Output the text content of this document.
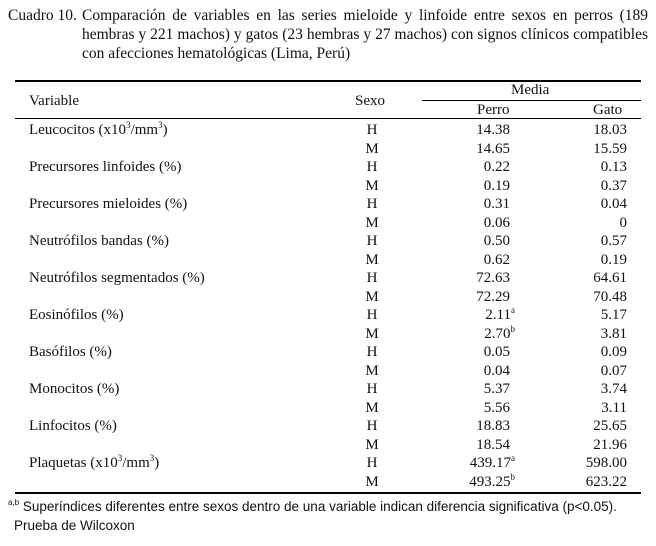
Cuadro 10. Comparación de variables en las series mieloide y linfoide entre sexos en perros (189 hembras y 221 machos) y gatos (23 hembras y 27 machos) con signos clínicos compatibles con afecciones hematológicas (Lima, Perú)
Variable	Sexo
Media
Perro	Gato
Leucocitos $(x10^3/mm^3)$	H	14.38	18.03
M	14.65	15.59
Precursores linfoides (%)	H	0.22	0.13
M	0.19	0.37
Precursores mieloides (%)	H	0.31	0.04
M	0.06	0
Neutrófilos bandas (%)	H	0.50	0.57
M	0.62	0.19
Neutrófilos segmentados (%)	H	72.63	64.61
M	72.29	70.48
Eosinófilos (%)	H	2.11$^a$	5.17
M	2.70$^b$	3.81
Basófilos (%)	H	0.05	0.09
M	0.04	0.07
Monocitos (%)	H	5.37	3.74
M	5.56	3.11
Linfocitos (%)	H	18.83	25.65
M	18.54	21.96
Plaquetas $(x10^3/mm^3)$	H	439.17$^a$	598.00
M	493.25$^b$	623.22
$^{a,b}$ Superíndices diferentes entre sexos dentro de una variable indican diferencia significativa (p<0.05).
Prueba de Wilcoxon
